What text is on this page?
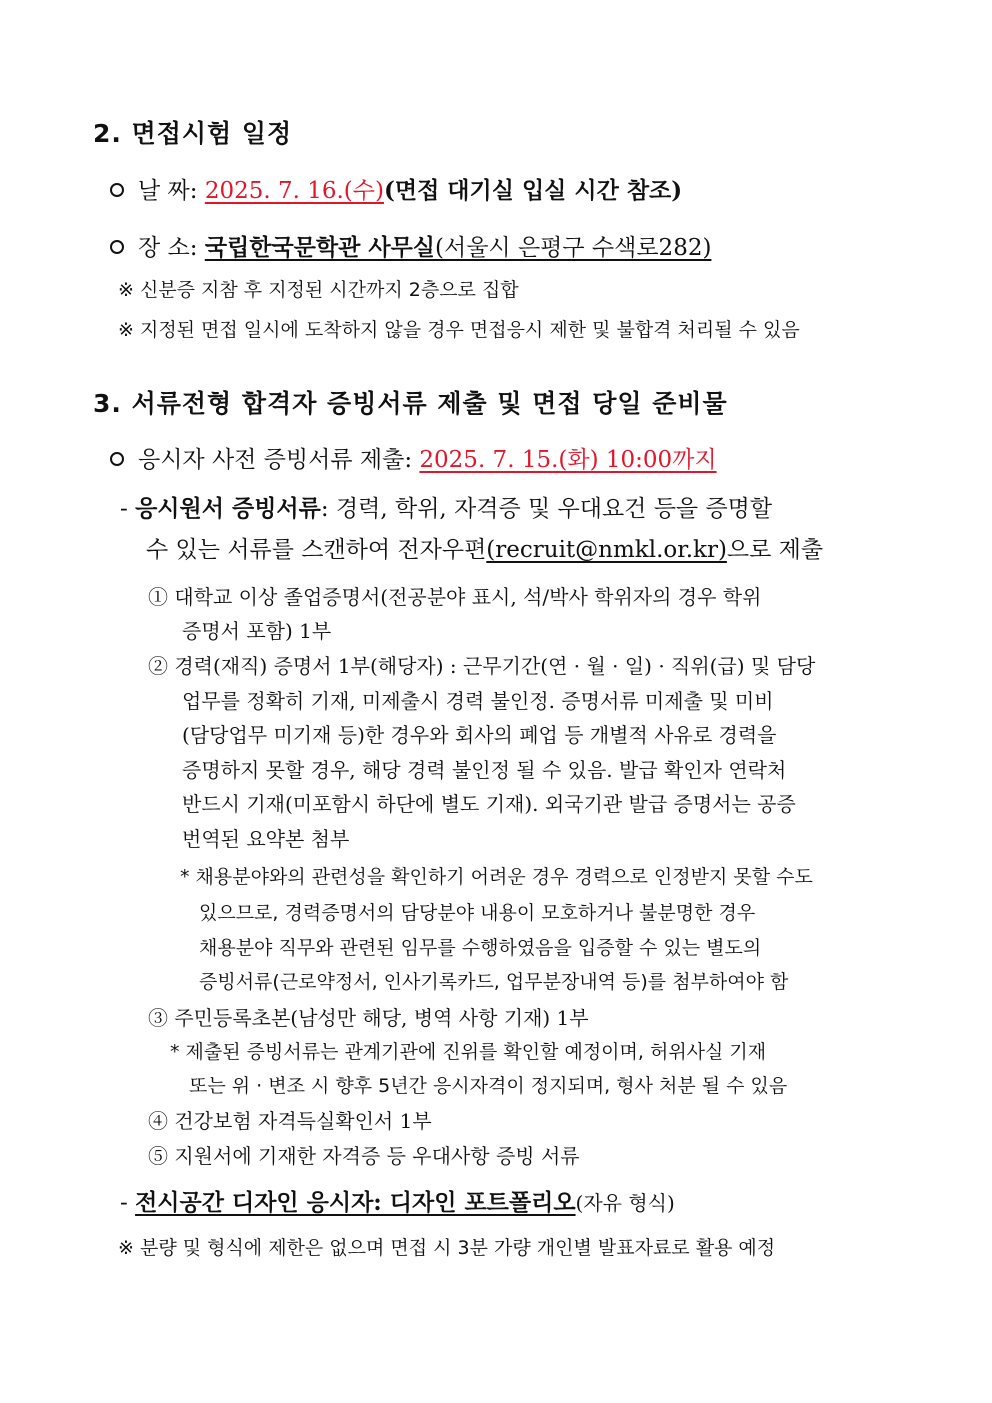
2. 면접시험 일정
날 짜: 2025. 7. 16.(수)(면접 대기실 입실 시간 참조)
장 소: 국립한국문학관 사무실(서울시 은평구 수색로282)
※ 신분증 지참 후 지정된 시간까지 2층으로 집합
※ 지정된 면접 일시에 도착하지 않을 경우 면접응시 제한 및 불합격 처리될 수 있음
3. 서류전형 합격자 증빙서류 제출 및 면접 당일 준비물
응시자 사전 증빙서류 제출: 2025. 7. 15.(화) 10:00까지
- 응시원서 증빙서류: 경력, 학위, 자격증 및 우대요건 등을 증명할
수 있는 서류를 스캔하여 전자우편(recruit@nmkl.or.kr)으로 제출
① 대학교 이상 졸업증명서(전공분야 표시, 석/박사 학위자의 경우 학위
증명서 포함) 1부
② 경력(재직) 증명서 1부(해당자) : 근무기간(연 · 월 · 일) · 직위(급) 및 담당
업무를 정확히 기재, 미제출시 경력 불인정. 증명서류 미제출 및 미비
(담당업무 미기재 등)한 경우와 회사의 폐업 등 개별적 사유로 경력을
증명하지 못할 경우, 해당 경력 불인정 될 수 있음. 발급 확인자 연락처
반드시 기재(미포함시 하단에 별도 기재). 외국기관 발급 증명서는 공증
번역된 요약본 첨부
* 채용분야와의 관련성을 확인하기 어려운 경우 경력으로 인정받지 못할 수도
있으므로, 경력증명서의 담당분야 내용이 모호하거나 불분명한 경우
채용분야 직무와 관련된 임무를 수행하였음을 입증할 수 있는 별도의
증빙서류(근로약정서, 인사기록카드, 업무분장내역 등)를 첨부하여야 함
③ 주민등록초본(남성만 해당, 병역 사항 기재) 1부
* 제출된 증빙서류는 관계기관에 진위를 확인할 예정이며, 허위사실 기재
또는 위 · 변조 시 향후 5년간 응시자격이 정지되며, 형사 처분 될 수 있음
④ 건강보험 자격득실확인서 1부
⑤ 지원서에 기재한 자격증 등 우대사항 증빙 서류
- 전시공간 디자인 응시자: 디자인 포트폴리오(자유 형식)
※ 분량 및 형식에 제한은 없으며 면접 시 3분 가량 개인별 발표자료로 활용 예정
